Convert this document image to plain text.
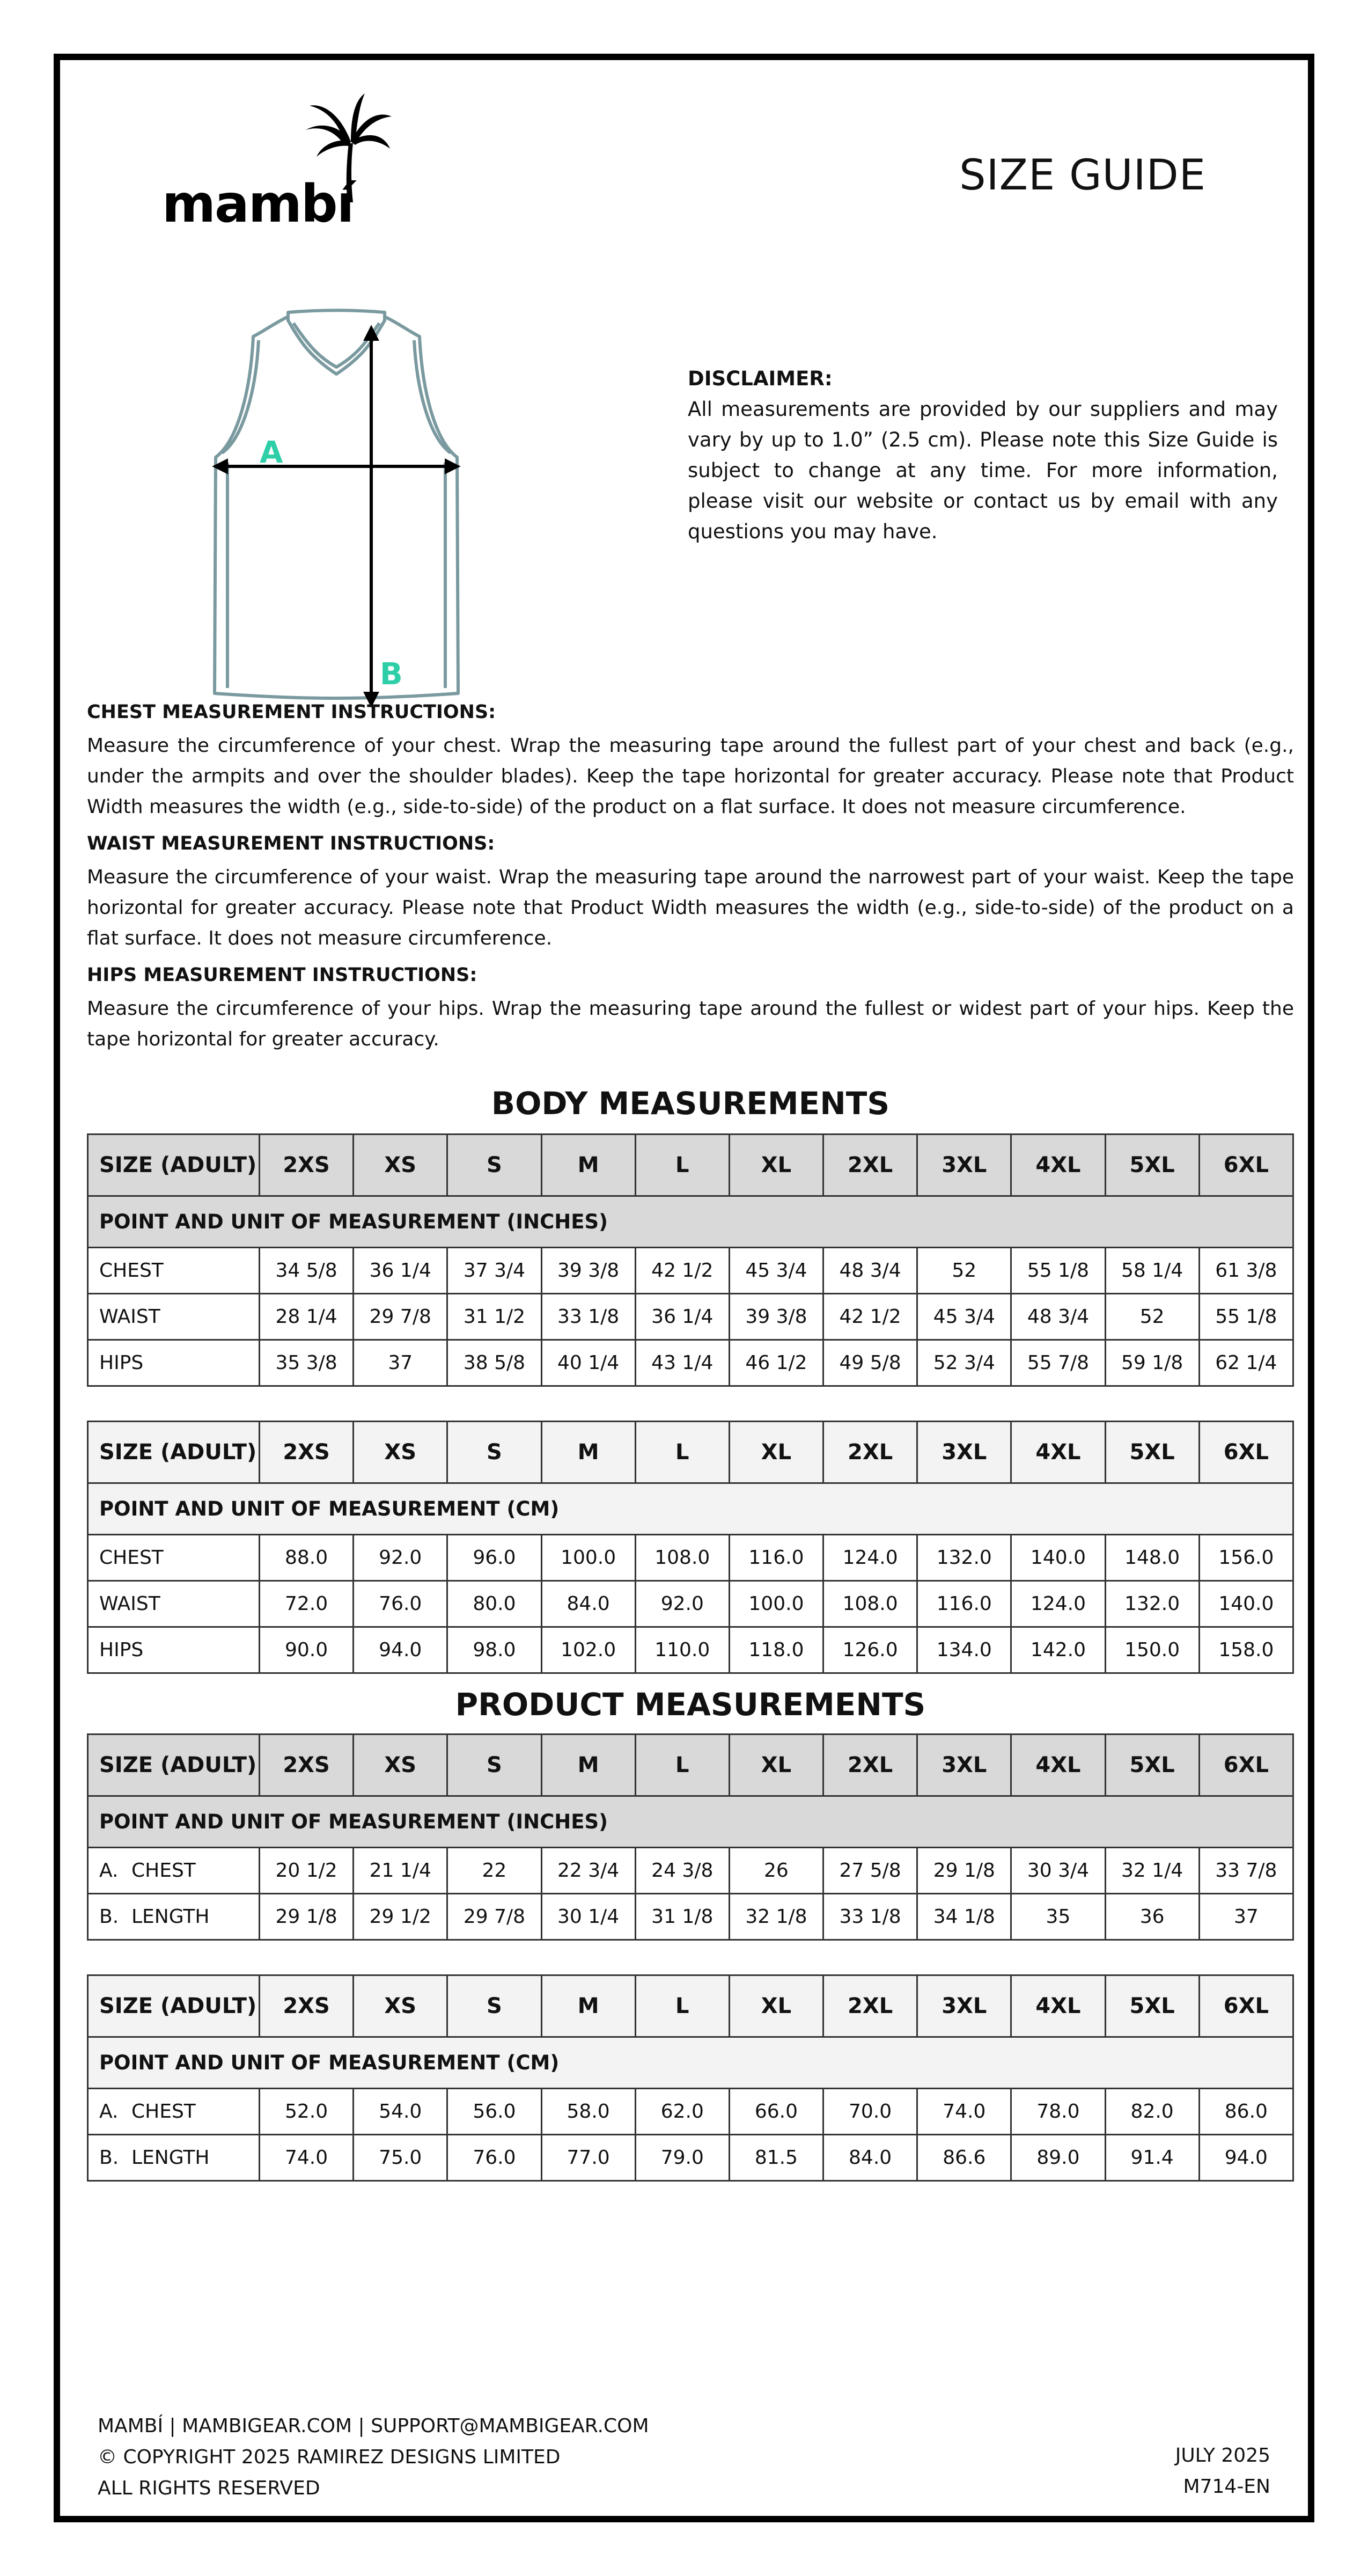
mambí	SIZE GUIDE
A
B
DISCLAIMER:
All measurements are provided by our suppliers and may vary by up to 1.0” (2.5 cm). Please note this Size Guide is subject to change at any time. For more information, please visit our website or contact us by email with any questions you may have.
CHEST MEASUREMENT INSTRUCTIONS:
Measure the circumference of your chest. Wrap the measuring tape around the fullest part of your chest and back (e.g., under the armpits and over the shoulder blades). Keep the tape horizontal for greater accuracy. Please note that Product Width measures the width (e.g., side-to-side) of the product on a flat surface. It does not measure circumference.
WAIST MEASUREMENT INSTRUCTIONS:
Measure the circumference of your waist. Wrap the measuring tape around the narrowest part of your waist. Keep the tape horizontal for greater accuracy. Please note that Product Width measures the width (e.g., side-to-side) of the product on a flat surface. It does not measure circumference.
HIPS MEASUREMENT INSTRUCTIONS:
Measure the circumference of your hips. Wrap the measuring tape around the fullest or widest part of your hips. Keep the tape horizontal for greater accuracy.
BODY MEASUREMENTS
SIZE (ADULT)	2XS	XS	S	M	L	XL	2XL	3XL	4XL	5XL	6XL
POINT AND UNIT OF MEASUREMENT (INCHES)											
CHEST	34 5/8	36 1/4	37 3/4	39 3/8	42 1/2	45 3/4	48 3/4	52	55 1/8	58 1/4	61 3/8
WAIST	28 1/4	29 7/8	31 1/2	33 1/8	36 1/4	39 3/8	42 1/2	45 3/4	48 3/4	52	55 1/8
HIPS	35 3/8	37	38 5/8	40 1/4	43 1/4	46 1/2	49 5/8	52 3/4	55 7/8	59 1/8	62 1/4
SIZE (ADULT)	2XS	XS	S	M	L	XL	2XL	3XL	4XL	5XL	6XL
POINT AND UNIT OF MEASUREMENT (CM)											
CHEST	88.0	92.0	96.0	100.0	108.0	116.0	124.0	132.0	140.0	148.0	156.0
WAIST	72.0	76.0	80.0	84.0	92.0	100.0	108.0	116.0	124.0	132.0	140.0
HIPS	90.0	94.0	98.0	102.0	110.0	118.0	126.0	134.0	142.0	150.0	158.0
PRODUCT MEASUREMENTS
SIZE (ADULT)	2XS	XS	S	M	L	XL	2XL	3XL	4XL	5XL	6XL
POINT AND UNIT OF MEASUREMENT (INCHES)											
A. CHEST	20 1/2	21 1/4	22	22 3/4	24 3/8	26	27 5/8	29 1/8	30 3/4	32 1/4	33 7/8
B. LENGTH	29 1/8	29 1/2	29 7/8	30 1/4	31 1/8	32 1/8	33 1/8	34 1/8	35	36	37
SIZE (ADULT)	2XS	XS	S	M	L	XL	2XL	3XL	4XL	5XL	6XL
POINT AND UNIT OF MEASUREMENT (CM)											
A. CHEST	52.0	54.0	56.0	58.0	62.0	66.0	70.0	74.0	78.0	82.0	86.0
B. LENGTH	74.0	75.0	76.0	77.0	79.0	81.5	84.0	86.6	89.0	91.4	94.0
MAMBÍ | MAMBIGEAR.COM | SUPPORT@MAMBIGEAR.COM
© COPYRIGHT 2025 RAMIREZ DESIGNS LIMITED
ALL RIGHTS RESERVED
JULY 2025
M714-EN
